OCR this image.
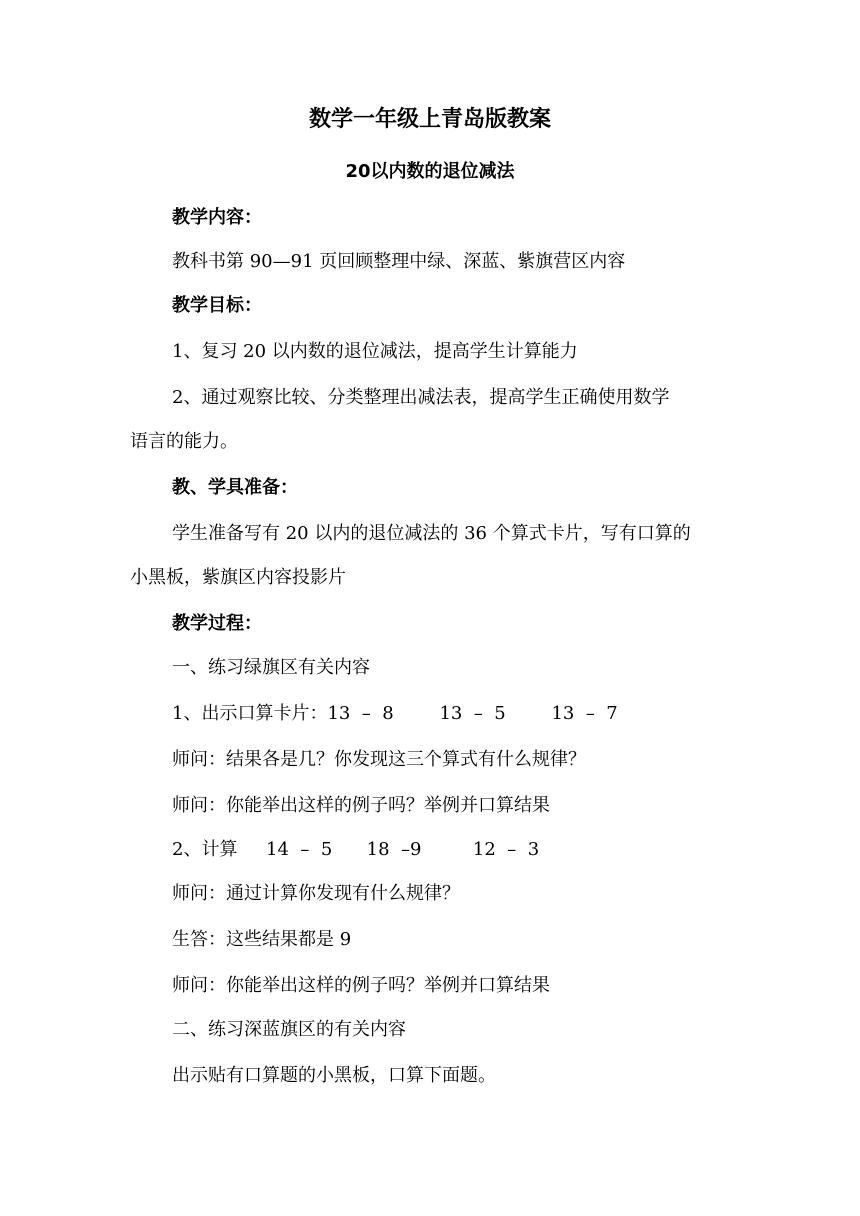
数学一年级上青岛版教案
20以内数的退位减法
教学内容：
教科书第 90—91 页回顾整理中绿、深蓝、紫旗营区内容
教学目标：
1、复习 20 以内数的退位减法，提高学生计算能力
2、通过观察比较、分类整理出减法表，提高学生正确使用数学
语言的能力。
教、学具准备：
学生准备写有 20 以内的退位减法的 36 个算式卡片，写有口算的
小黑板，紫旗区内容投影片
教学过程：
一、练习绿旗区有关内容
1、出示口算卡片：13  –  8        13  –  5        13  –  7
师问：结果各是几？你发现这三个算式有什么规律？
师问：你能举出这样的例子吗？举例并口算结果
2、计算     14  –  5      18  –9         12  –  3
师问：通过计算你发现有什么规律？
生答：这些结果都是 9
师问：你能举出这样的例子吗？举例并口算结果
二、练习深蓝旗区的有关内容
出示贴有口算题的小黑板，口算下面题。
